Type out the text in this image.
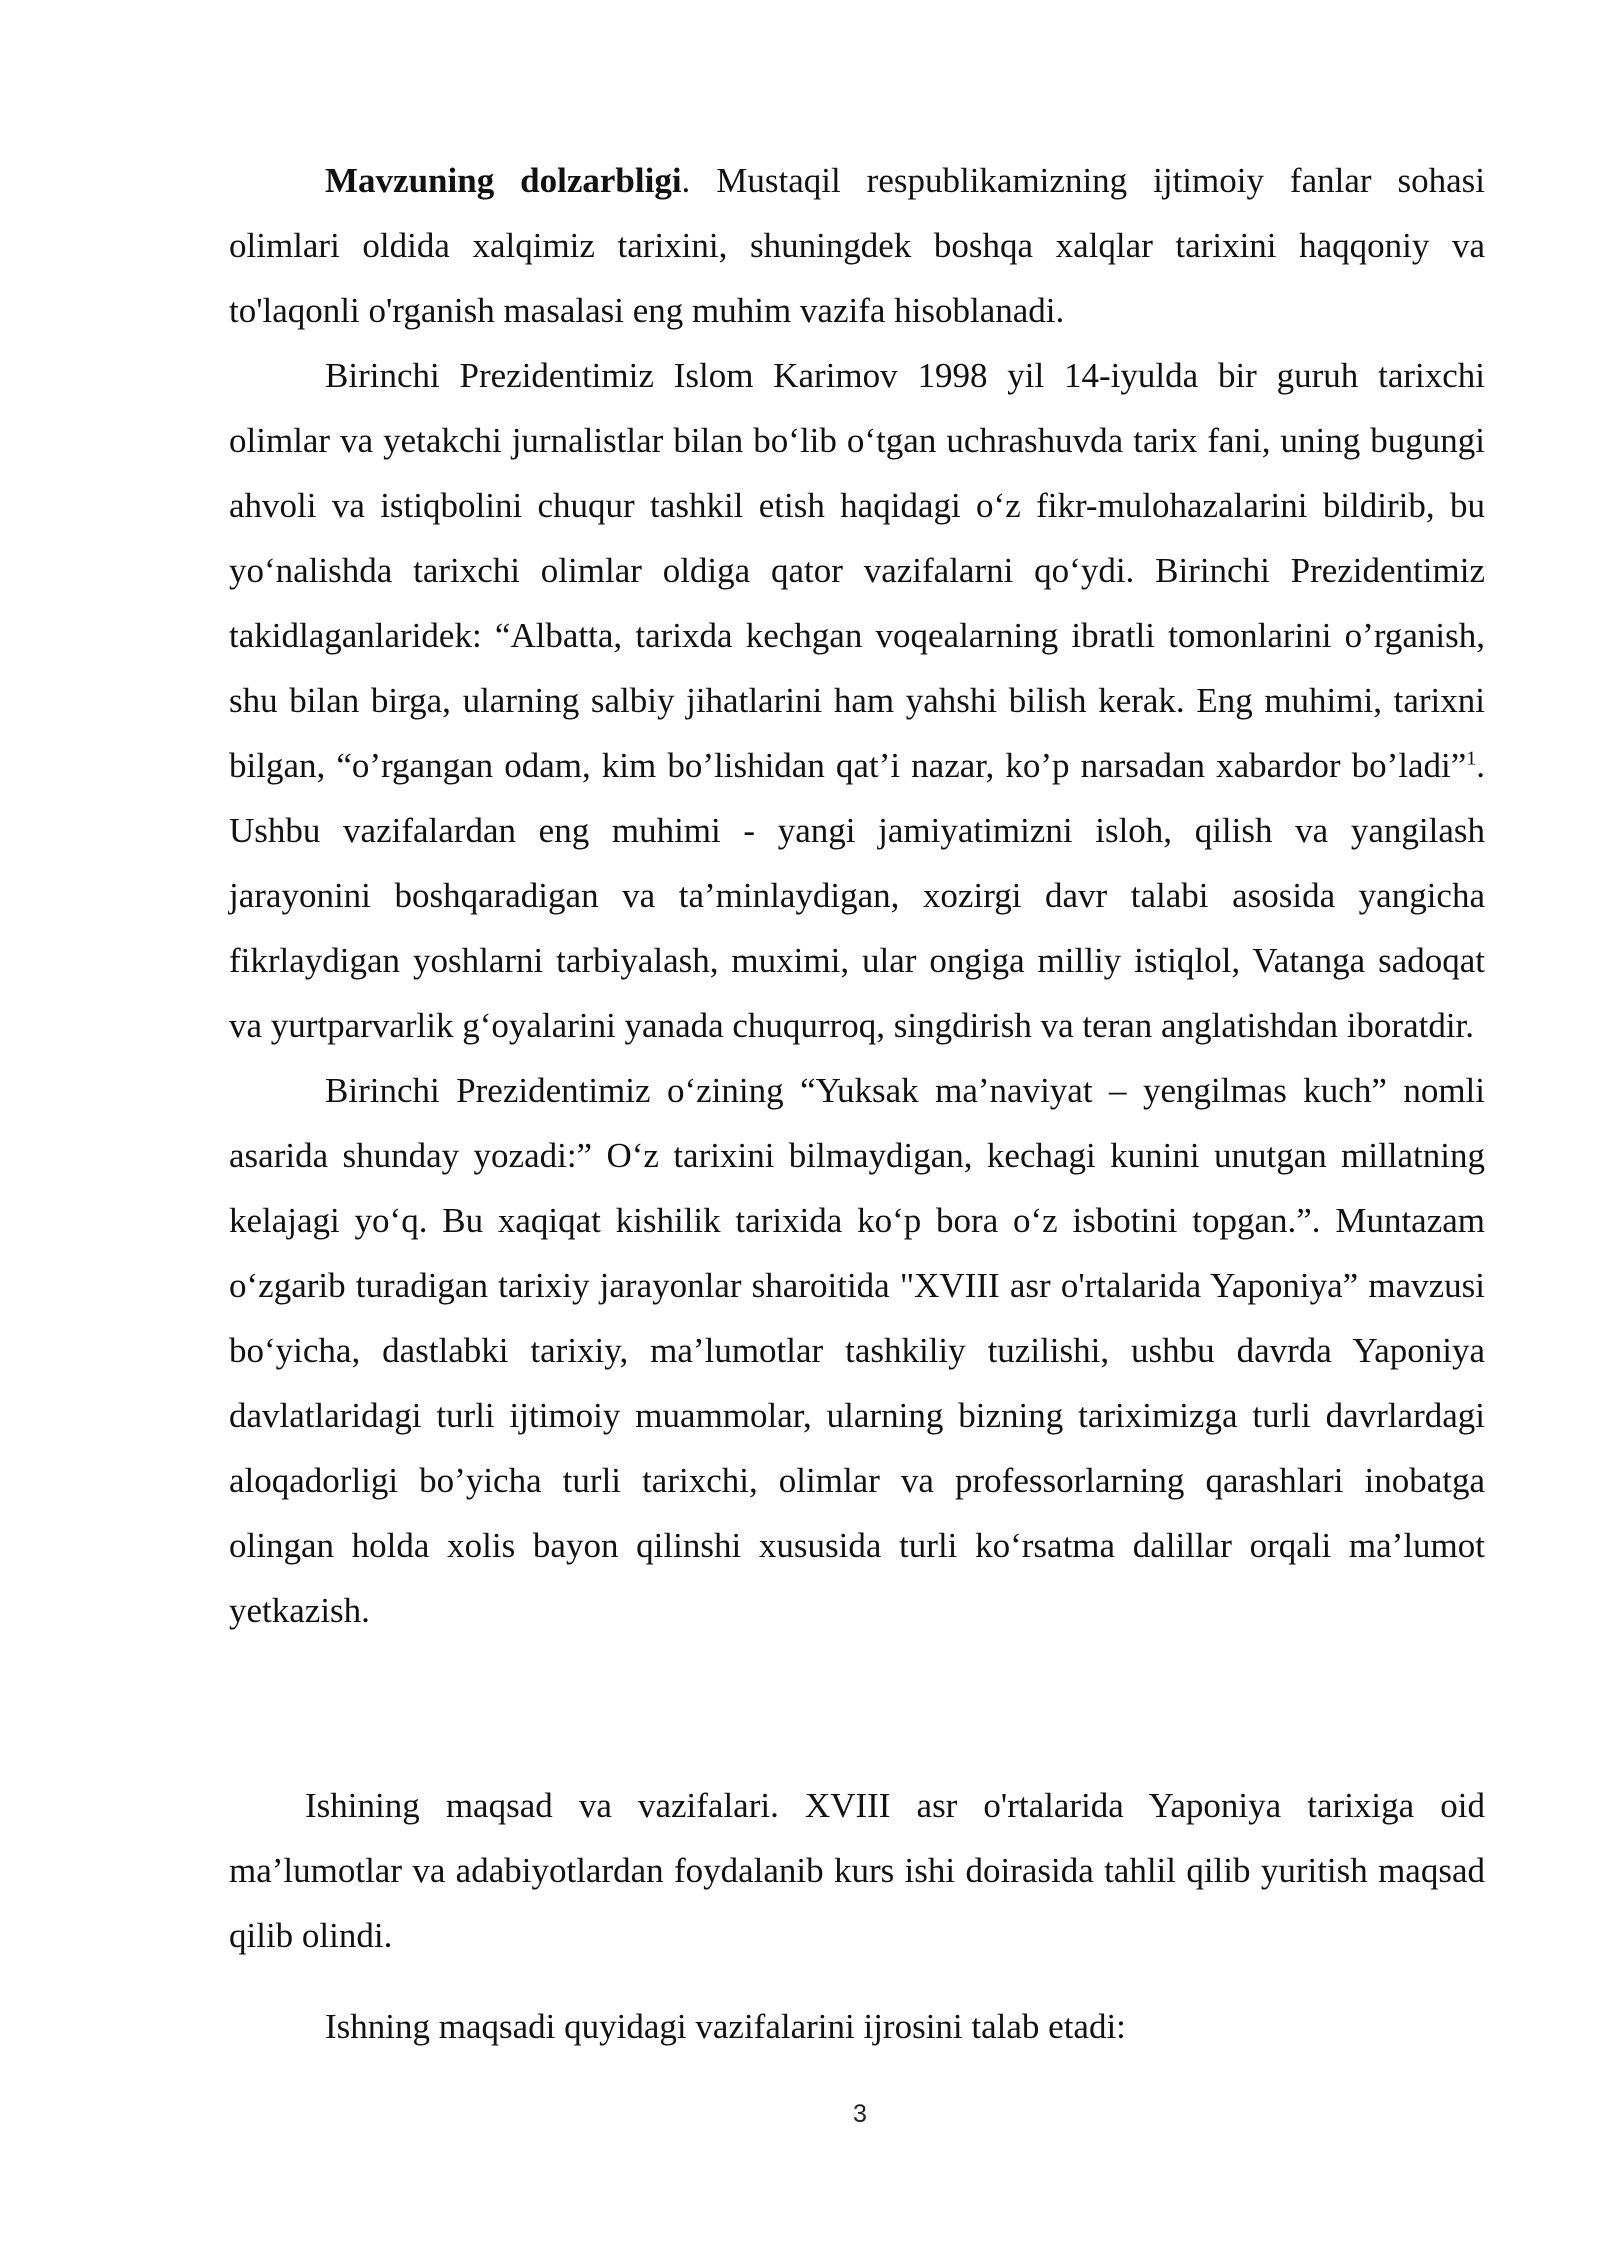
Mavzuning dolzarbligi. Mustaqil respublikamizning ijtimoiy fanlar sohasi olimlari oldida xalqimiz tarixini, shuningdek boshqa xalqlar tarixini haqqoniy va to'laqonli o'rganish masalasi eng muhim vazifa hisoblanadi.

Birinchi Prezidentimiz Islom Karimov 1998 yil 14-iyulda bir guruh tarixchi olimlar va yetakchi jurnalistlar bilan bo‘lib o‘tgan uchrashuvda tarix fani, uning bugungi ahvoli va istiqbolini chuqur tashkil etish haqidagi o‘z fikr-mulohazalarini bildirib, bu yo‘nalishda tarixchi olimlar oldiga qator vazifalarni qo‘ydi. Birinchi Prezidentimiz takidlaganlaridek: “Albatta, tarixda kechgan voqealarning ibratli tomonlarini o’rganish, shu bilan birga, ularning salbiy jihatlarini ham yahshi bilish kerak. Eng muhimi, tarixni bilgan, “o’rgangan odam, kim bo’lishidan qat’i nazar, ko’p narsadan xabardor bo’ladi”$^1$. Ushbu vazifalardan eng muhimi - yangi jamiyatimizni isloh, qilish va yangilash jarayonini boshqaradigan va ta’minlaydigan, xozirgi davr talabi asosida yangicha fikrlaydigan yoshlarni tarbiyalash, muximi, ular ongiga milliy istiqlol, Vatanga sadoqat va yurtparvarlik g‘oyalarini yanada chuqurroq, singdirish va teran anglatishdan iboratdir.

Birinchi Prezidentimiz o‘zining “Yuksak ma’naviyat – yengilmas kuch” nomli asarida shunday yozadi:” O‘z tarixini bilmaydigan, kechagi kunini unutgan millatning kelajagi yo‘q. Bu xaqiqat kishilik tarixida ko‘p bora o‘z isbotini topgan.”. Muntazam o‘zgarib turadigan tarixiy jarayonlar sharoitida "XVIII asr o'rtalarida Yaponiya” mavzusi bo‘yicha, dastlabki tarixiy, ma’lumotlar tashkiliy tuzilishi, ushbu davrda Yaponiya davlatlaridagi turli ijtimoiy muammolar, ularning bizning tariximizga turli davrlardagi aloqadorligi bo’yicha turli tarixchi, olimlar va professorlarning qarashlari inobatga olingan holda xolis bayon qilinshi xususida turli ko‘rsatma dalillar orqali ma’lumot yetkazish.

Ishining maqsad va vazifalari. XVIII asr o'rtalarida Yaponiya tarixiga oid ma’lumotlar va adabiyotlardan foydalanib kurs ishi doirasida tahlil qilib yuritish maqsad qilib olindi.

Ishning maqsadi quyidagi vazifalarini ijrosini talab etadi:

3
